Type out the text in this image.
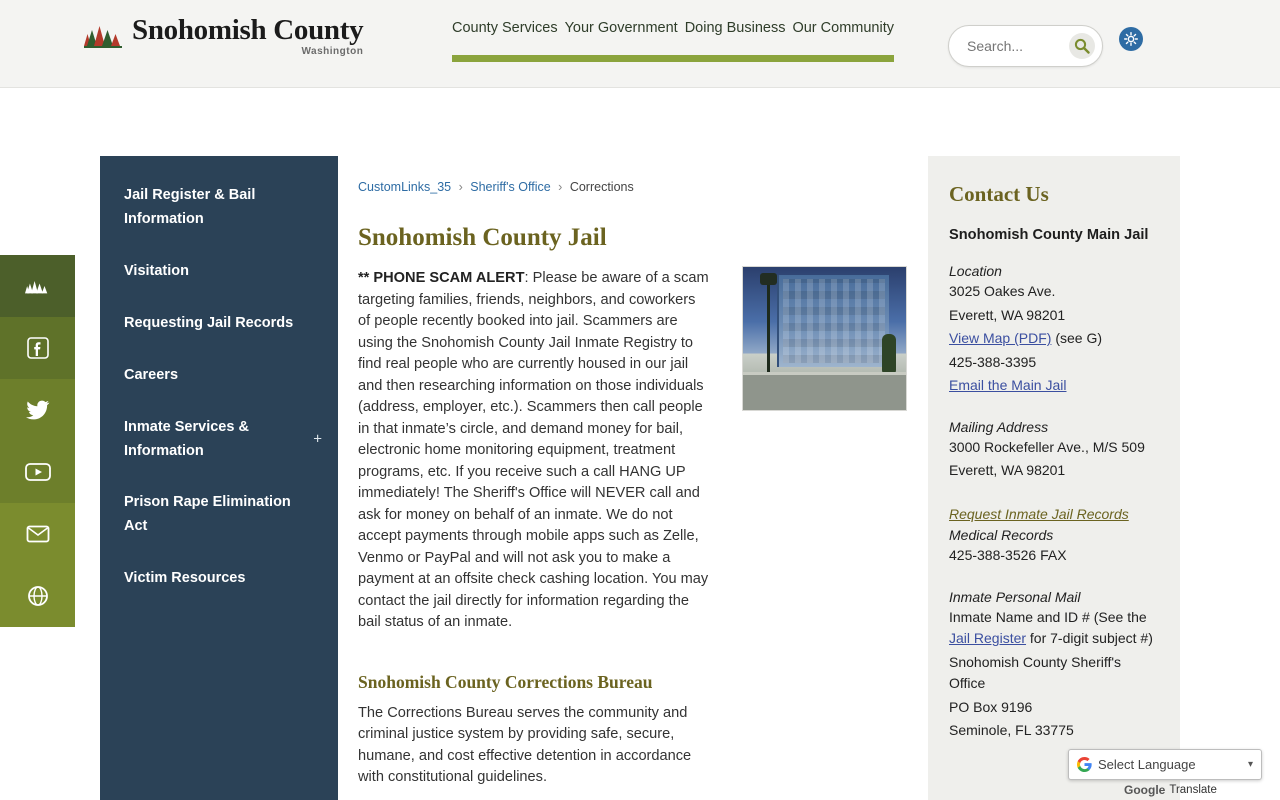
Snohomish County
Washington
County Services Your Government Doing Business Our Community
Search...
Jail Register & Bail Information
Visitation
Requesting Jail Records
Careers
Inmate Services & Information
+
Prison Rape Elimination Act
Victim Resources
CustomLinks_35 › Sheriff's Office › Corrections
Snohomish County Jail
** PHONE SCAM ALERT: Please be aware of a scam targeting families, friends, neighbors, and coworkers of people recently booked into jail. Scammers are using the Snohomish County Jail Inmate Registry to find real people who are currently housed in our jail and then researching information on those individuals (address, employer, etc.). Scammers then call people in that inmate’s circle, and demand money for bail, electronic home monitoring equipment, treatment programs, etc. If you receive such a call HANG UP immediately! The Sheriff's Office will NEVER call and ask for money on behalf of an inmate. We do not accept payments through mobile apps such as Zelle, Venmo or PayPal and will not ask you to make a payment at an offsite check cashing location. You may contact the jail directly for information regarding the bail status of an inmate.
Snohomish County Corrections Bureau
The Corrections Bureau serves the community and criminal justice system by providing safe, secure, humane, and cost effective detention in accordance with constitutional guidelines.
Contact Us
Snohomish County Main Jail
Location

3025 Oakes Ave.

Everett, WA 98201

View Map (PDF) (see G)

425-388-3395

Email the Main Jail

Mailing Address

3000 Rockefeller Ave., M/S 509

Everett, WA 98201

Request Inmate Jail Records

Medical Records

425-388-3526 FAX

Inmate Personal Mail

Inmate Name and ID # (See the Jail Register for 7-digit subject #)

Snohomish County Sheriff's Office

PO Box 9196

Seminole, FL 33775

Select Language	▾
Google Translate
